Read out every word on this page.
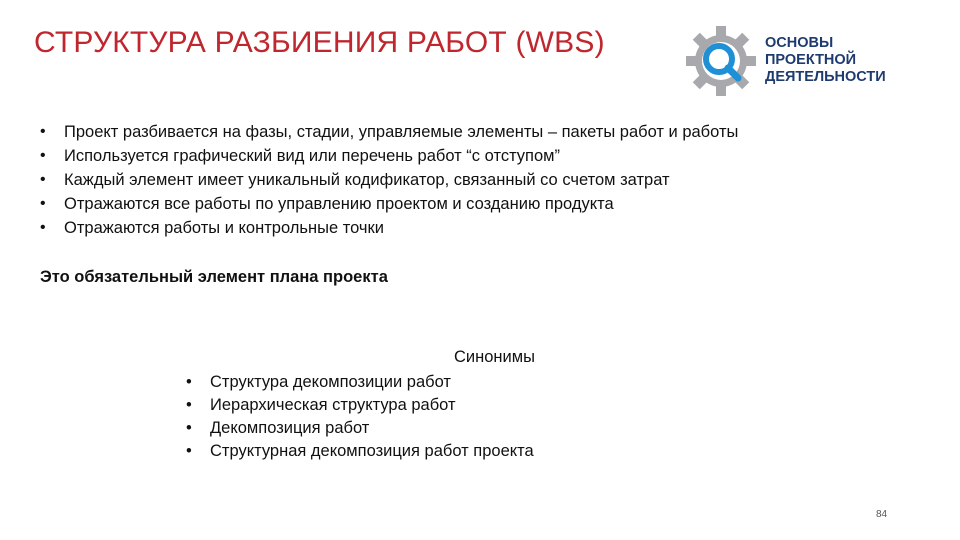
СТРУКТУРА РАЗБИЕНИЯ РАБОТ (WBS)	ОСНОВЫ
ПРОЕКТНОЙ
ДЕЯТЕЛЬНОСТИ
• Проект разбивается на фазы, стадии, управляемые элементы – пакеты работ и работы
• Используется графический вид или перечень работ “с отступом”
• Каждый элемент имеет уникальный кодификатор, связанный со счетом затрат
• Отражаются все работы по управлению проектом и созданию продукта
• Отражаются работы и контрольные точки
Это обязательный элемент плана проекта
Синонимы
• Структура декомпозиции работ
• Иерархическая структура работ
• Декомпозиция работ
• Структурная декомпозиция работ проекта
84
